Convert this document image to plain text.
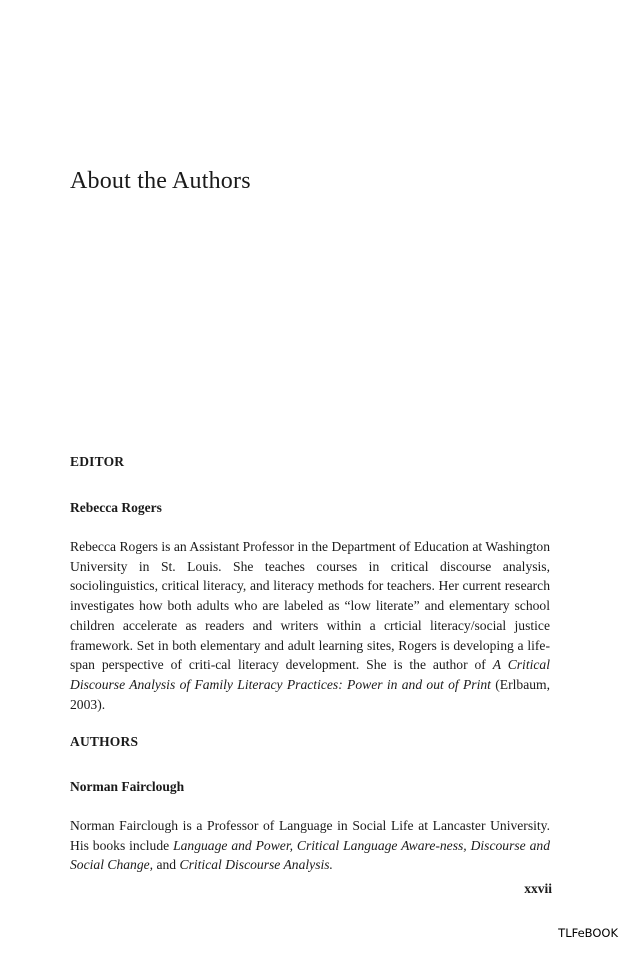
About the Authors
EDITOR
Rebecca Rogers

Rebecca Rogers is an Assistant Professor in the Department of Education at Washington University in St. Louis. She teaches courses in critical discourse analysis, sociolinguistics, critical literacy, and literacy methods for teachers. Her current research investigates how both adults who are labeled as “low literate” and elementary school children accelerate as readers and writers within a crticial literacy/social justice framework. Set in both elementary and adult learning sites, Rogers is developing a life-span perspective of criti-cal literacy development. She is the author of A Critical Discourse Analysis of Family Literacy Practices: Power in and out of Print (Erlbaum, 2003).

AUTHORS
Norman Fairclough

Norman Fairclough is a Professor of Language in Social Life at Lancaster University. His books include Language and Power, Critical Language Aware-ness, Discourse and Social Change, and Critical Discourse Analysis.

xxvii
TLFeBOOK
